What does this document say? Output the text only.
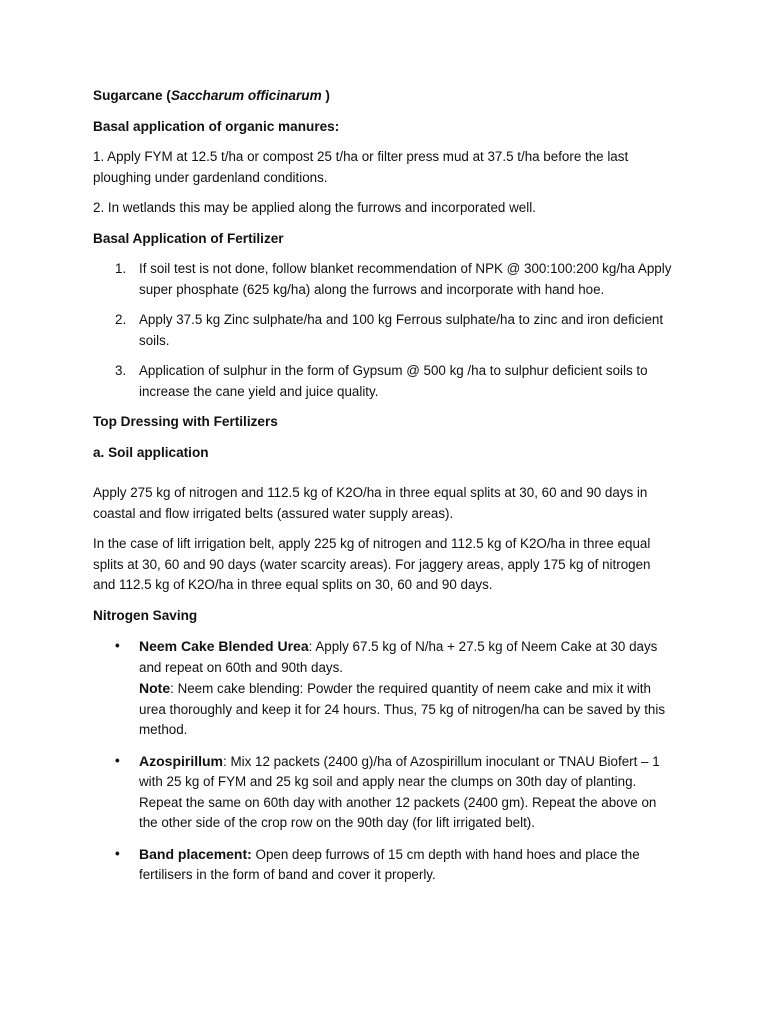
Sugarcane (Saccharum officinarum )

Basal application of organic manures:

1. Apply FYM at 12.5 t/ha or compost 25 t/ha or filter press mud at 37.5 t/ha before the last ploughing under gardenland conditions.

2. In wetlands this may be applied along the furrows and incorporated well.

Basal Application of Fertilizer

1. If soil test is not done, follow blanket recommendation of NPK @ 300:100:200 kg/ha Apply super phosphate (625 kg/ha) along the furrows and incorporate with hand hoe.
2. Apply 37.5 kg Zinc sulphate/ha and 100 kg Ferrous sulphate/ha to zinc and iron deficient soils.
3. Application of sulphur in the form of Gypsum @ 500 kg /ha to sulphur deficient soils to increase the cane yield and juice quality.

Top Dressing with Fertilizers

a. Soil application

Apply 275 kg of nitrogen and 112.5 kg of K2O/ha in three equal splits at 30, 60 and 90 days in coastal and flow irrigated belts (assured water supply areas).

In the case of lift irrigation belt, apply 225 kg of nitrogen and 112.5 kg of K2O/ha in three equal splits at 30, 60 and 90 days (water scarcity areas). For jaggery areas, apply 175 kg of nitrogen and 112.5 kg of K2O/ha in three equal splits on 30, 60 and 90 days.

Nitrogen Saving

• Neem Cake Blended Urea: Apply 67.5 kg of N/ha + 27.5 kg of Neem Cake at 30 days and repeat on 60th and 90th days.
Note: Neem cake blending: Powder the required quantity of neem cake and mix it with urea thoroughly and keep it for 24 hours. Thus, 75 kg of nitrogen/ha can be saved by this method.
• Azospirillum: Mix 12 packets (2400 g)/ha of Azospirillum inoculant or TNAU Biofert – 1 with 25 kg of FYM and 25 kg soil and apply near the clumps on 30th day of planting. Repeat the same on 60th day with another 12 packets (2400 gm). Repeat the above on the other side of the crop row on the 90th day (for lift irrigated belt).
• Band placement: Open deep furrows of 15 cm depth with hand hoes and place the fertilisers in the form of band and cover it properly.
